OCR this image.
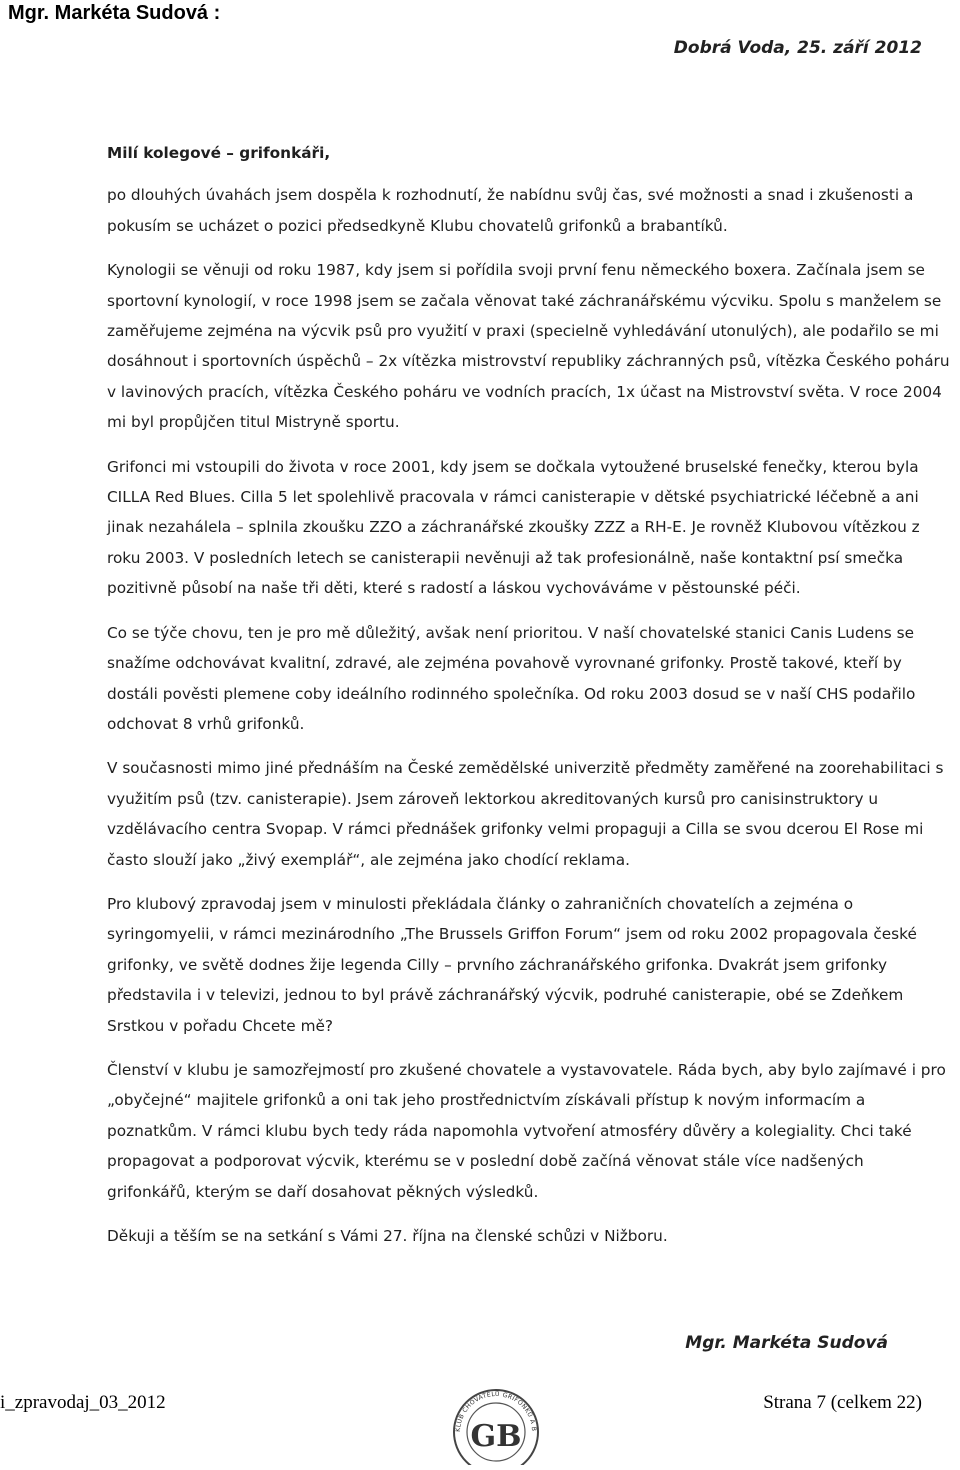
Mgr. Markéta Sudová :
Dobrá Voda, 25. září 2012

Milí kolegové – grifonkáři,

po dlouhých úvahách jsem dospěla k rozhodnutí, že nabídnu svůj čas, své možnosti a snad i zkušenosti a pokusím se ucházet o pozici předsedkyně Klubu chovatelů grifonků a brabantíků.

Kynologii se věnuji od roku 1987, kdy jsem si pořídila svoji první fenu německého boxera. Začínala jsem se sportovní kynologií, v roce 1998 jsem se začala věnovat také záchranářskému výcviku. Spolu s manželem se zaměřujeme zejména na výcvik psů pro využití v praxi (specielně vyhledávání utonulých), ale podařilo se mi dosáhnout i sportovních úspěchů – 2x vítězka mistrovství republiky záchranných psů, vítězka Českého poháru v lavinových pracích, vítězka Českého poháru ve vodních pracích, 1x účast na Mistrovství světa. V roce 2004 mi byl propůjčen titul Mistryně sportu.

Grifonci mi vstoupili do života v roce 2001, kdy jsem se dočkala vytoužené bruselské fenečky, kterou byla CILLA Red Blues. Cilla 5 let spolehlivě pracovala v rámci canisterapie v dětské psychiatrické léčebně a ani jinak nezahálela – splnila zkoušku ZZO a záchranářské zkoušky ZZZ a RH-E. Je rovněž Klubovou vítězkou z roku 2003. V posledních letech se canisterapii nevěnuji až tak profesionálně, naše kontaktní psí smečka pozitivně působí na naše tři děti, které s radostí a láskou vychováváme v pěstounské péči.

Co se týče chovu, ten je pro mě důležitý, avšak není prioritou. V naší chovatelské stanici Canis Ludens se snažíme odchovávat kvalitní, zdravé, ale zejména povahově vyrovnané grifonky. Prostě takové, kteří by dostáli pověsti plemene coby ideálního rodinného společníka. Od roku 2003 dosud se v naší CHS podařilo odchovat 8 vrhů grifonků.

V současnosti mimo jiné přednáším na České zemědělské univerzitě předměty zaměřené na zoorehabilitaci s využitím psů (tzv. canisterapie). Jsem zároveň lektorkou akreditovaných kursů pro canisinstruktory u vzdělávacího centra Svopap. V rámci přednášek grifonky velmi propaguji a Cilla se svou dcerou El Rose mi často slouží jako „živý exemplář“, ale zejména jako chodící reklama.

Pro klubový zpravodaj jsem v minulosti překládala články o zahraničních chovatelích a zejména o syringomyelii, v rámci mezinárodního „The Brussels Griffon Forum“ jsem od roku 2002 propagovala české grifonky, ve světě dodnes žije legenda Cilly – prvního záchranářského grifonka. Dvakrát jsem grifonky představila i v televizi, jednou to byl právě záchranářský výcvik, podruhé canisterapie, obé se Zdeňkem Srstkou v pořadu Chcete mě?

Členství v klubu je samozřejmostí pro zkušené chovatele a vystavovatele. Ráda bych, aby bylo zajímavé i pro „obyčejné“ majitele grifonků a oni tak jeho prostřednictvím získávali přístup k novým informacím a poznatkům. V rámci klubu bych tedy ráda napomohla vytvoření atmosféry důvěry a kolegiality. Chci také propagovat a podporovat výcvik, kterému se v poslední době začíná věnovat stále více nadšených grifonkářů, kterým se daří dosahovat pěkných výsledků.

Děkuji a těším se na setkání s Vámi 27. října na členské schůzi v Nižboru.

Mgr. Markéta Sudová
i_zpravodaj_03_2012	Strana 7 (celkem 22)
KLUB CHOVATELŮ GRIFONKŮ A B
GB
